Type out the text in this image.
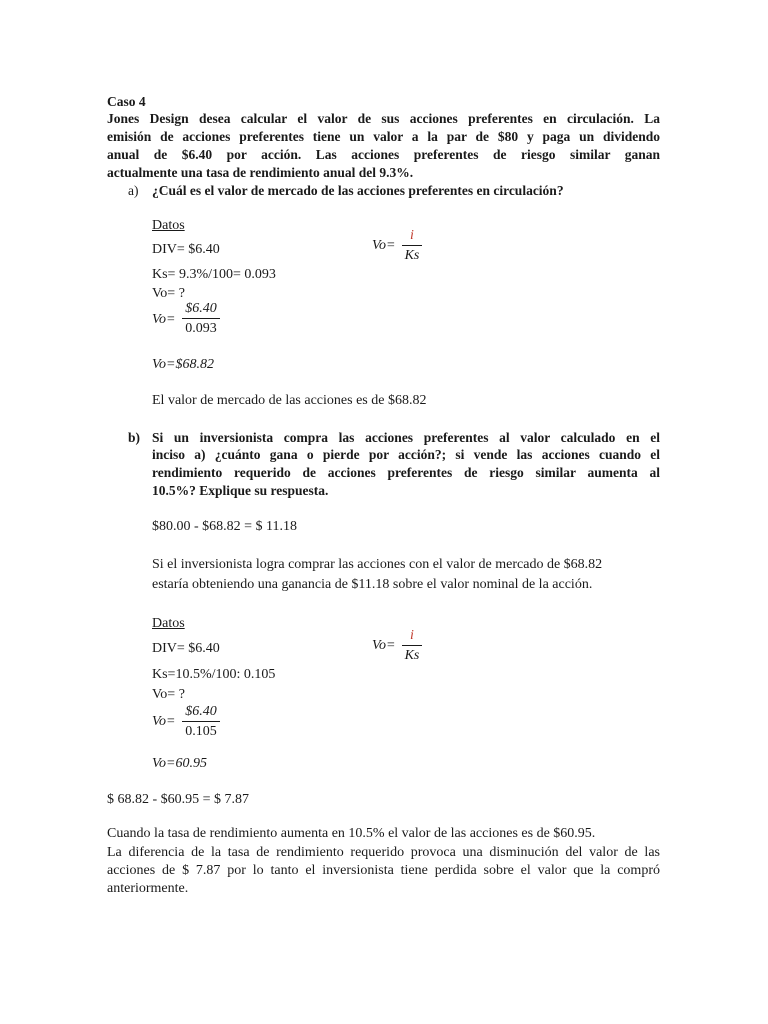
Caso 4
Jones Design desea calcular el valor de sus acciones preferentes en circulación. La
emisión de acciones preferentes tiene un valor a la par de $80 y paga un dividendo
anual de $6.40 por acción. Las acciones preferentes de riesgo similar ganan
actualmente una tasa de rendimiento anual del 9.3%.
a) ¿Cuál es el valor de mercado de las acciones preferentes en circulación?
Datos
DIV= $6.40
Ks= 9.3%/100= 0.093
Vo= ?
Vo=
i
Ks
Vo=
$6.40
0.093
Vo=$68.82
El valor de mercado de las acciones es de $68.82
b) Si un inversionista compra las acciones preferentes al valor calculado en el
inciso a) ¿cuánto gana o pierde por acción?; si vende las acciones cuando el
rendimiento requerido de acciones preferentes de riesgo similar aumenta al
10.5%? Explique su respuesta.
$80.00 - $68.82 = $ 11.18
Si el inversionista logra comprar las acciones con el valor de mercado de $68.82
estaría obteniendo una ganancia de $11.18 sobre el valor nominal de la acción.
Datos
DIV= $6.40
Ks=10.5%/100: 0.105
Vo= ?
Vo=
i
Ks
Vo=
$6.40
0.105
Vo=60.95
$ 68.82 - $60.95 = $ 7.87
Cuando la tasa de rendimiento aumenta en 10.5% el valor de las acciones es de $60.95.
La diferencia de la tasa de rendimiento requerido provoca una disminución del valor de las
acciones de $ 7.87 por lo tanto el inversionista tiene perdida sobre el valor que la compró
anteriormente.
